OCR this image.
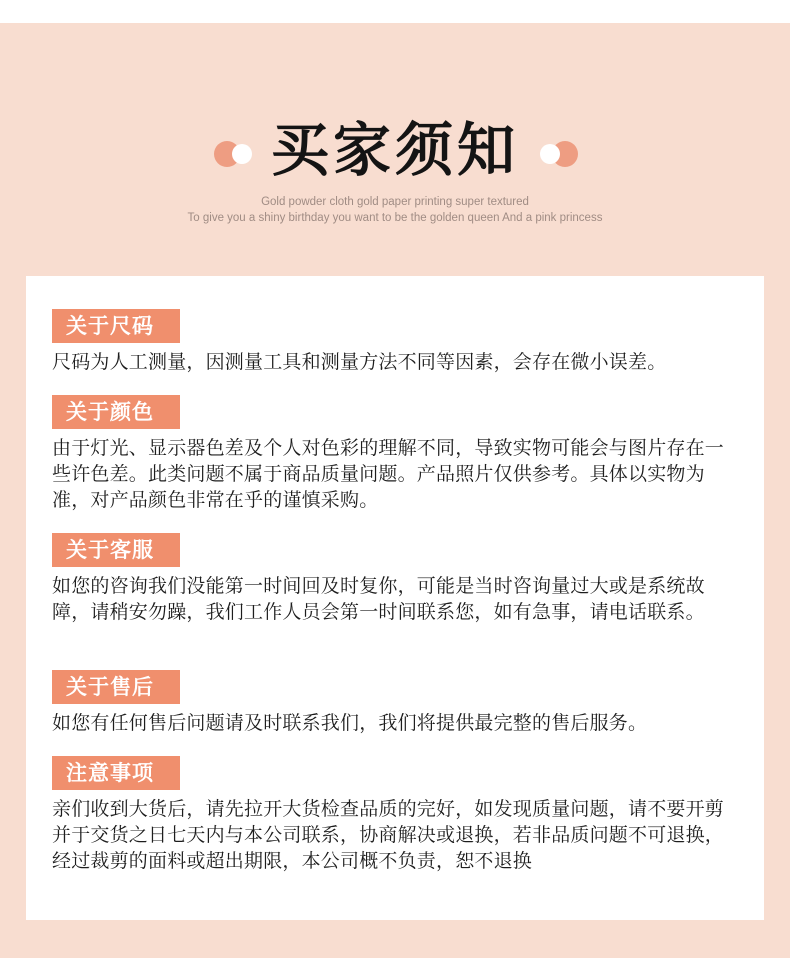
买家须知
Gold powder cloth gold paper printing super textured
To give you a shiny birthday you want to be the golden queen And a pink princess
关于尺码
尺码为人工测量，因测量工具和测量方法不同等因素，会存在微小误差。
关于颜色
由于灯光、显示器色差及个人对色彩的理解不同，导致实物可能会与图片存在一些许色差。此类问题不属于商品质量问题。产品照片仅供参考。具体以实物为准，对产品颜色非常在乎的谨慎采购。
关于客服
如您的咨询我们没能第一时间回及时复你，可能是当时咨询量过大或是系统故障，请稍安勿躁，我们工作人员会第一时间联系您，如有急事，请电话联系。
关于售后
如您有任何售后问题请及时联系我们，我们将提供最完整的售后服务。
注意事项
亲们收到大货后，请先拉开大货检查品质的完好，如发现质量问题，请不要开剪并于交货之日七天内与本公司联系，协商解决或退换，若非品质问题不可退换，经过裁剪的面料或超出期限，本公司概不负责，恕不退换
